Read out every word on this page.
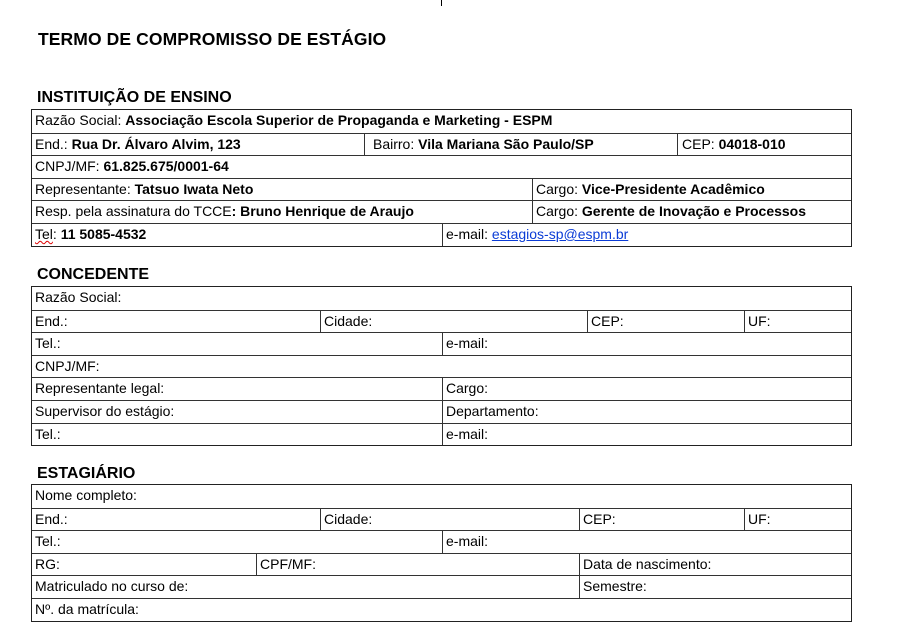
TERMO DE COMPROMISSO DE ESTÁGIO
INSTITUIÇÃO DE ENSINO
Razão Social: Associação Escola Superior de Propaganda e Marketing - ESPM
End.: Rua Dr. Álvaro Alvim, 123	Bairro: Vila Mariana São Paulo/SP	CEP: 04018-010
CNPJ/MF: 61.825.675/0001-64
Representante: Tatsuo Iwata Neto	Cargo: Vice-Presidente Acadêmico
Resp. pela assinatura do TCCE: Bruno Henrique de Araujo	Cargo: Gerente de Inovação e Processos
Tel: 11 5085-4532	e-mail: estagios-sp@espm.br
CONCEDENTE
Razão Social:
End.:	Cidade:	CEP:	UF:
Tel.:	e-mail:
CNPJ/MF:
Representante legal:	Cargo:
Supervisor do estágio:	Departamento:
Tel.:	e-mail:
ESTAGIÁRIO
Nome completo:
End.:	Cidade:	CEP:	UF:
Tel.:	e-mail:
RG:	CPF/MF:	Data de nascimento:
Matriculado no curso de:	Semestre:
Nº. da matrícula:
